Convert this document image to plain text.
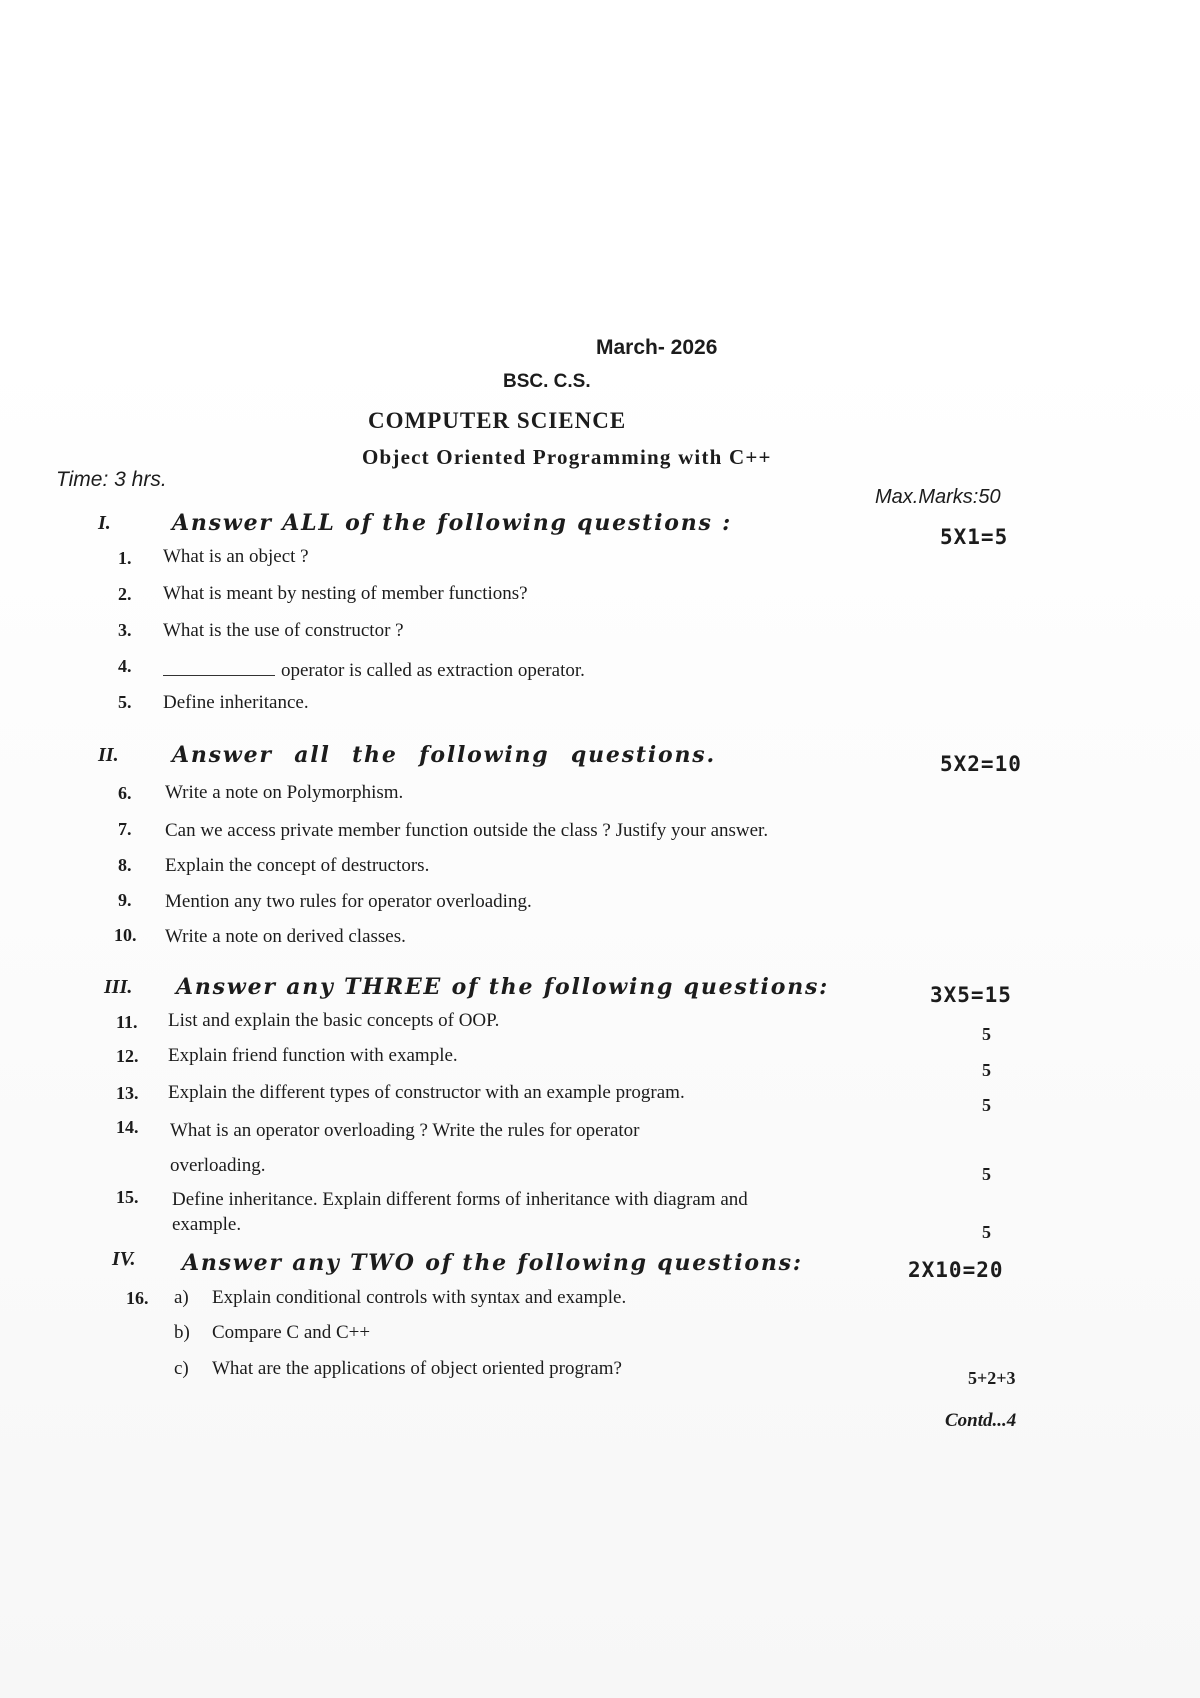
March- 2026
BSC. C.S.
COMPUTER SCIENCE
Object Oriented Programming with C++
Time: 3 hrs.
Max.Marks:50
I.	Answer ALL of the following questions :
5X1=5
1. What is an object ?
2. What is meant by nesting of member functions?
3. What is the use of constructor ?
4.	operator is called as extraction operator.
5. Define inheritance.
II. Answer all the following questions.	5X2=10
6. Write a note on Polymorphism.
7. Can we access private member function outside the class ? Justify your answer.
8. Explain the concept of destructors.
9. Mention any two rules for operator overloading.
10. Write a note on derived classes.
III. Answer any THREE of the following questions:	3X5=15
11. List and explain the basic concepts of OOP.
5
12. Explain friend function with example.
5
13. Explain the different types of constructor with an example program.
5
14. What is an operator overloading ? Write the rules for operator
overloading.	5
15. Define inheritance. Explain different forms of inheritance with diagram and
example.	5
IV. Answer any TWO of the following questions:	2X10=20
16. a) Explain conditional controls with syntax and example.
b) Compare C and C++
c) What are the applications of object oriented program?	5+2+3
Contd...4
